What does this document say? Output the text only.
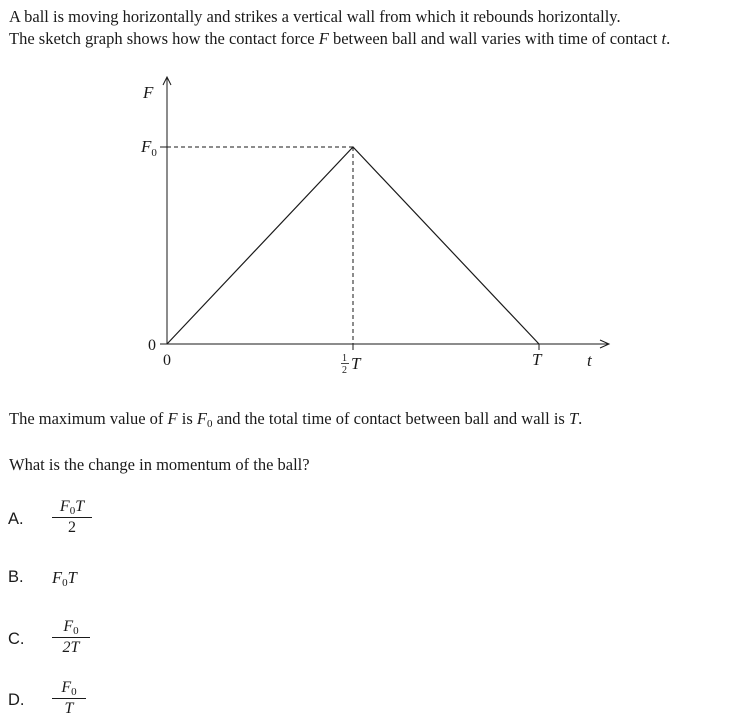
A ball is moving horizontally and strikes a vertical wall from which it rebounds horizontally.
The sketch graph shows how the contact force F between ball and wall varies with time of contact t.
F
$F_0$
0
0	1
2 T	T	t
The maximum value of F is $F_0$ and the total time of contact between ball and wall is T.
What is the change in momentum of the ball?
A. $\frac{F_0T}{2}$
B. $F_0T$
C. $\frac{F_0}{2T}$
D. $\frac{F_0}{T}$
